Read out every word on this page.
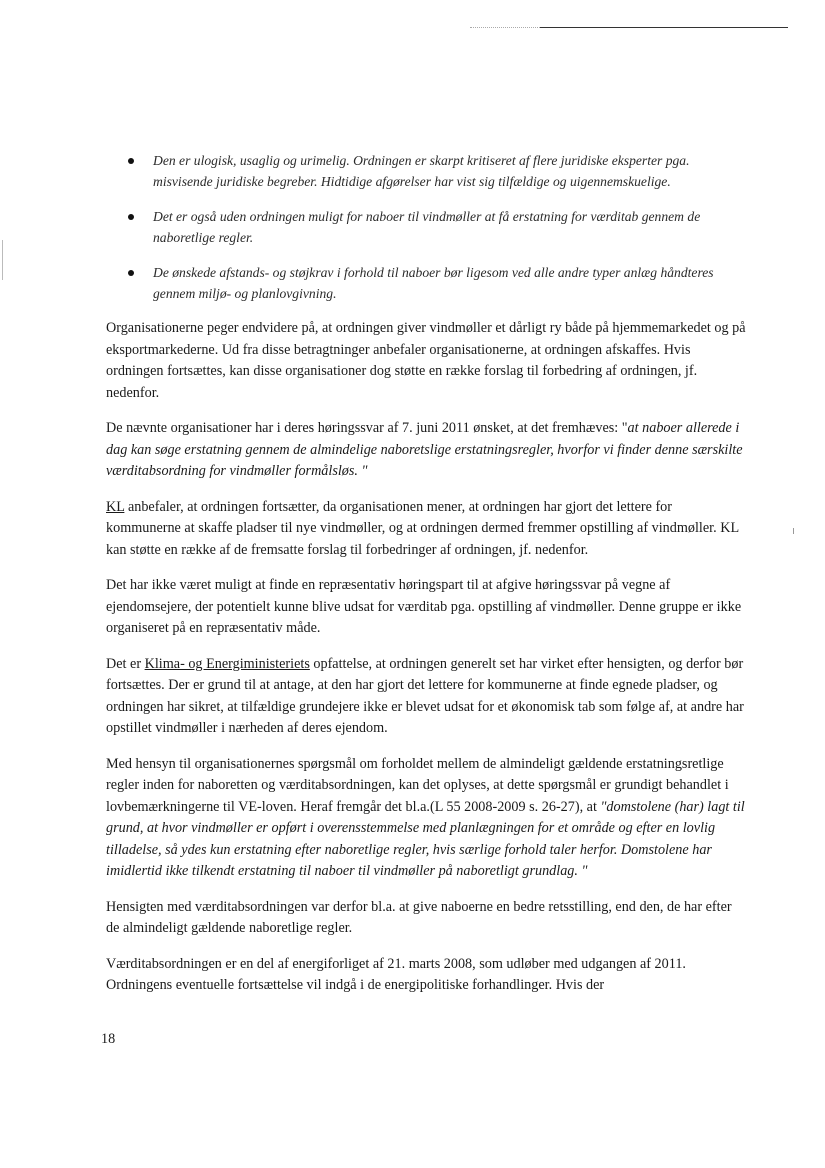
Den er ulogisk, usaglig og urimelig. Ordningen er skarpt kritiseret af flere juridiske eksperter pga. misvisende juridiske begreber. Hidtidige afgørelser har vist sig tilfældige og uigennemskuelige.
Det er også uden ordningen muligt for naboer til vindmøller at få erstatning for værditab gennem de naboretlige regler.
De ønskede afstands- og støjkrav i forhold til naboer bør ligesom ved alle andre typer anlæg håndteres gennem miljø- og planlovgivning.

Organisationerne peger endvidere på, at ordningen giver vindmøller et dårligt ry både på hjemmemarkedet og på eksportmarkederne. Ud fra disse betragtninger anbefaler organisationerne, at ordningen afskaffes. Hvis ordningen fortsættes, kan disse organisationer dog støtte en række forslag til forbedring af ordningen, jf. nedenfor.

De nævnte organisationer har i deres høringssvar af 7. juni 2011 ønsket, at det fremhæves: "at naboer allerede i dag kan søge erstatning gennem de almindelige naboretslige erstatningsregler, hvorfor vi finder denne særskilte værditabsordning for vindmøller formålsløs. "

KL anbefaler, at ordningen fortsætter, da organisationen mener, at ordningen har gjort det lettere for kommunerne at skaffe pladser til nye vindmøller, og at ordningen dermed fremmer opstilling af vindmøller. KL kan støtte en række af de fremsatte forslag til forbedringer af ordningen, jf. nedenfor.

Det har ikke været muligt at finde en repræsentativ høringspart til at afgive høringssvar på vegne af ejendomsejere, der potentielt kunne blive udsat for værditab pga. opstilling af vindmøller. Denne gruppe er ikke organiseret på en repræsentativ måde.

Det er Klima- og Energiministeriets opfattelse, at ordningen generelt set har virket efter hensigten, og derfor bør fortsættes. Der er grund til at antage, at den har gjort det lettere for kommunerne at finde egnede pladser, og ordningen har sikret, at tilfældige grundejere ikke er blevet udsat for et økonomisk tab som følge af, at andre har opstillet vindmøller i nærheden af deres ejendom.

Med hensyn til organisationernes spørgsmål om forholdet mellem de almindeligt gældende erstatningsretlige regler inden for naboretten og værditabsordningen, kan det oplyses, at dette spørgsmål er grundigt behandlet i lovbemærkningerne til VE-loven. Heraf fremgår det bl.a.(L 55 2008-2009 s. 26-27), at "domstolene (har) lagt til grund, at hvor vindmøller er opført i overensstemmelse med planlægningen for et område og efter en lovlig tilladelse, så ydes kun erstatning efter naboretlige regler, hvis særlige forhold taler herfor. Domstolene har imidlertid ikke tilkendt erstatning til naboer til vindmøller på naboretligt grundlag. "

Hensigten med værditabsordningen var derfor bl.a. at give naboerne en bedre retsstilling, end den, de har efter de almindeligt gældende naboretlige regler.

Værditabsordningen er en del af energiforliget af 21. marts 2008, som udløber med udgangen af 2011. Ordningens eventuelle fortsættelse vil indgå i de energipolitiske forhandlinger. Hvis der

18
